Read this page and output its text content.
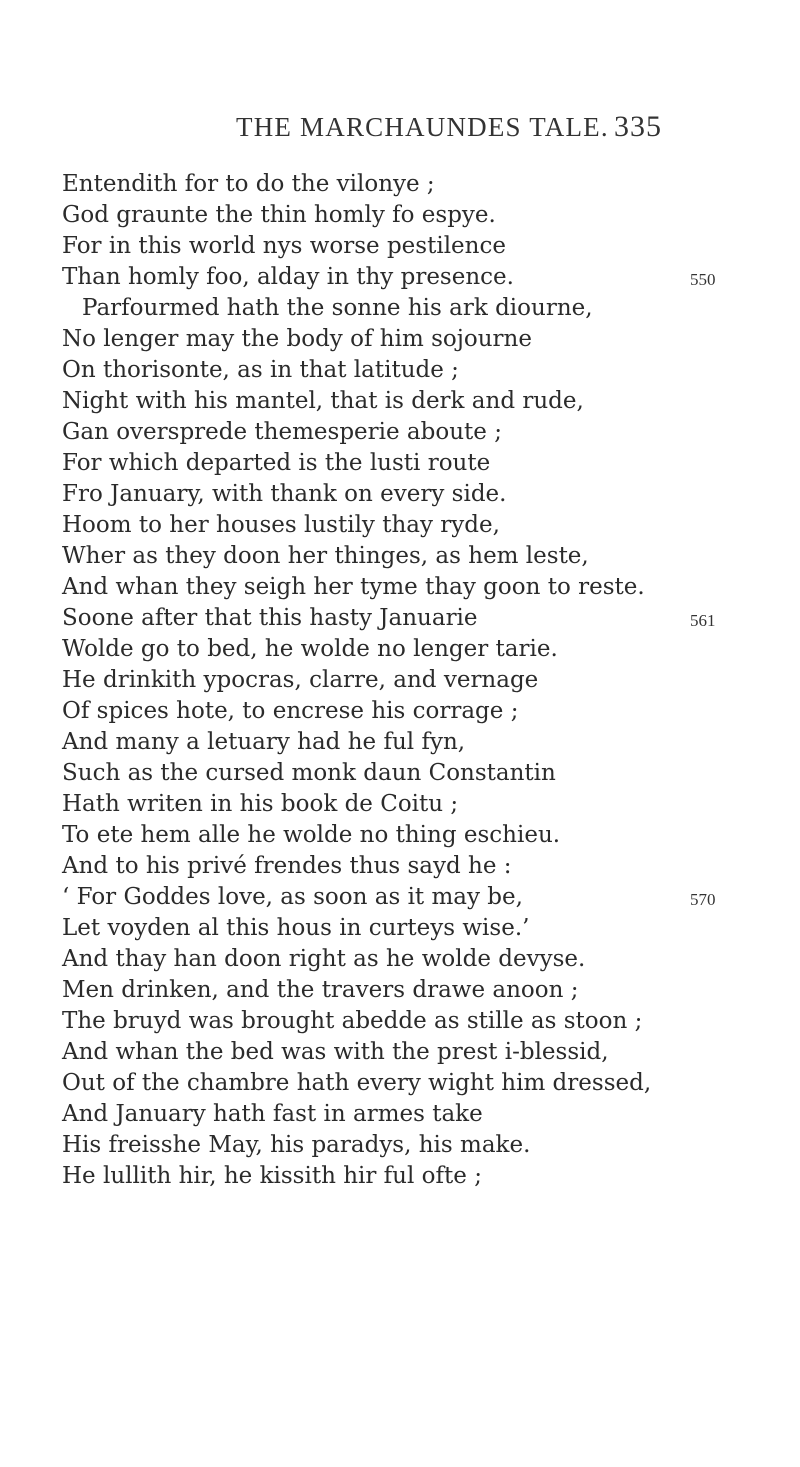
THE MARCHAUNDES TALE. 335
Entendith for to do the vilonye ;
God graunte the thin homly fo espye.
For in this world nys worse pestilence
Than homly foo, alday in thy presence.	550
Parfourmed hath the sonne his ark diourne,
No lenger may the body of him sojourne
On thorisonte, as in that latitude ;
Night with his mantel, that is derk and rude,
Gan oversprede themesperie aboute ;
For which departed is the lusti route
Fro January, with thank on every side.
Hoom to her houses lustily thay ryde,
Wher as they doon her thinges, as hem leste,
And whan they seigh her tyme thay goon to reste.
Soone after that this hasty Januarie	561
Wolde go to bed, he wolde no lenger tarie.
He drinkith ypocras, clarre, and vernage
Of spices hote, to encrese his corrage ;
And many a letuary had he ful fyn,
Such as the cursed monk daun Constantin
Hath writen in his book de Coitu ;
To ete hem alle he wolde no thing eschieu.
And to his privé frendes thus sayd he :
‘ For Goddes love, as soon as it may be,	570
Let voyden al this hous in curteys wise.’
And thay han doon right as he wolde devyse.
Men drinken, and the travers drawe anoon ;
The bruyd was brought abedde as stille as stoon ;
And whan the bed was with the prest i-blessid,
Out of the chambre hath every wight him dressed,
And January hath fast in armes take
His freisshe May, his paradys, his make.
He lullith hir, he kissith hir ful ofte ;
